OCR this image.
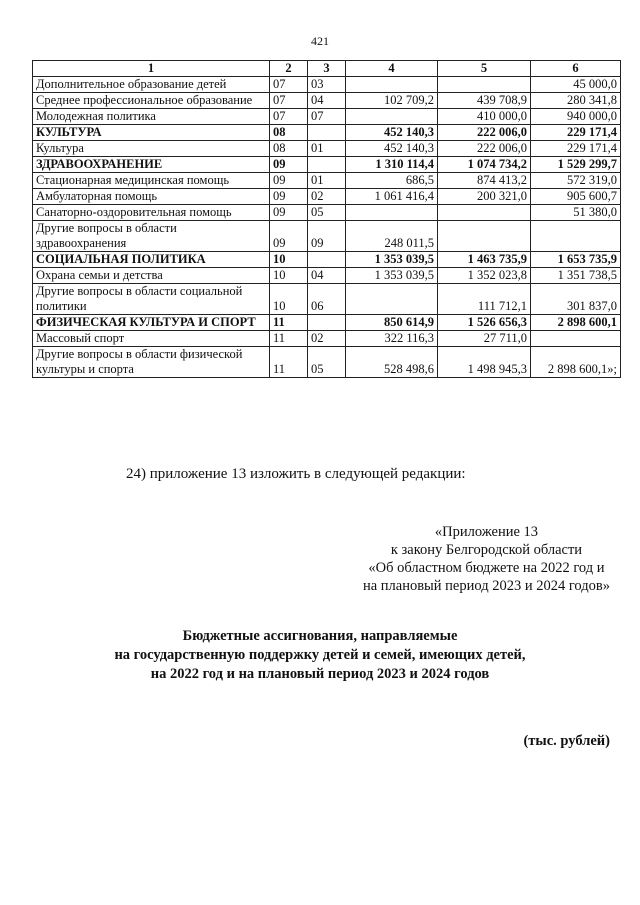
421
1	2	3	4	5	6
Дополнительное образование детей	07	03			45 000,0
Среднее профессиональное образование	07	04	102 709,2	439 708,9	280 341,8
Молодежная политика	07	07		410 000,0	940 000,0
КУЛЬТУРА	08		452 140,3	222 006,0	229 171,4
Культура	08	01	452 140,3	222 006,0	229 171,4
ЗДРАВООХРАНЕНИЕ	09		1 310 114,4	1 074 734,2	1 529 299,7
Стационарная медицинская помощь	09	01	686,5	874 413,2	572 319,0
Амбулаторная помощь	09	02	1 061 416,4	200 321,0	905 600,7
Санаторно-оздоровительная помощь	09	05			51 380,0
Другие вопросы в области здравоохранения	09	09	248 011,5		
СОЦИАЛЬНАЯ ПОЛИТИКА	10		1 353 039,5	1 463 735,9	1 653 735,9
Охрана семьи и детства	10	04	1 353 039,5	1 352 023,8	1 351 738,5
Другие вопросы в области социальной политики	10	06		111 712,1	301 837,0
ФИЗИЧЕСКАЯ КУЛЬТУРА И СПОРТ	11		850 614,9	1 526 656,3	2 898 600,1
Массовый спорт	11	02	322 116,3	27 711,0	
Другие вопросы в области физической культуры и спорта	11	05	528 498,6	1 498 945,3	2 898 600,1»;
24) приложение 13 изложить в следующей редакции:
«Приложение 13
к закону Белгородской области
«Об областном бюджете на 2022 год и
на плановый период 2023 и 2024 годов»
Бюджетные ассигнования, направляемые
на государственную поддержку детей и семей, имеющих детей,
на 2022 год и на плановый период 2023 и 2024 годов
(тыс. рублей)
